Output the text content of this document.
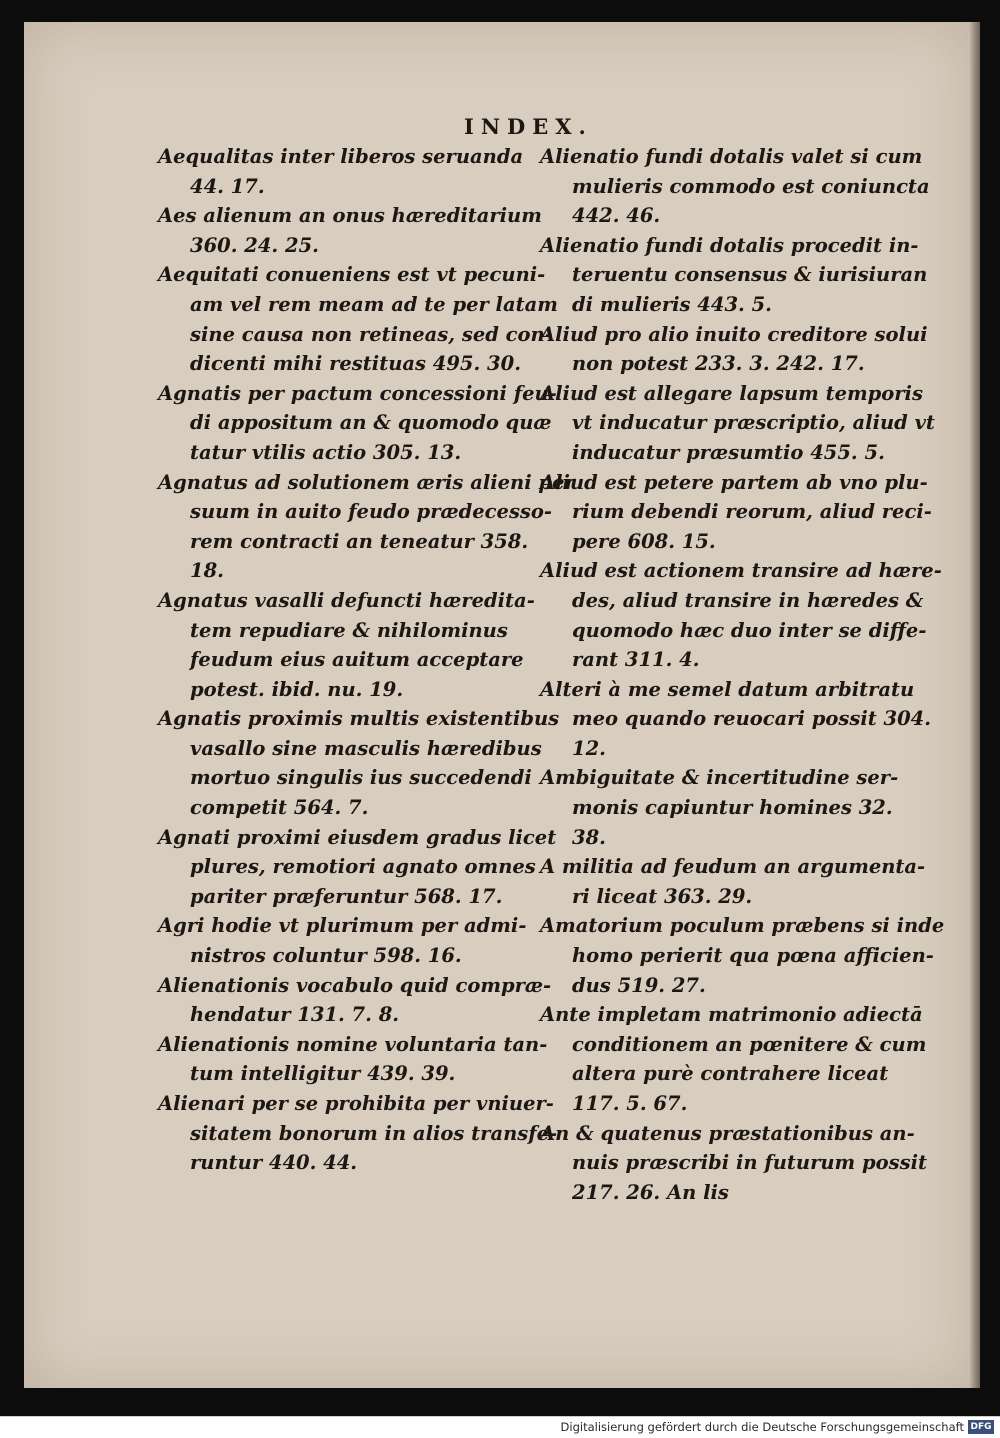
INDEX.
Aequalitas inter liberos seruanda
44. 17.
Aes alienum an onus hæreditarium
360. 24. 25.
Aequitati conueniens est vt pecuni-
am vel rem meam ad te per latam
sine causa non retineas, sed con-
dicenti mihi restituas 495. 30.
Agnatis per pactum concessioni feu-
di appositum an & quomodo quæ
tatur vtilis actio 305. 13.
Agnatus ad solutionem æris alieni per
suum in auito feudo prædecesso-
rem contracti an teneatur 358.
18.
Agnatus vasalli defuncti hæredita-
tem repudiare & nihilominus
feudum eius auitum acceptare
potest. ibid. nu. 19.
Agnatis proximis multis existentibus
vasallo sine masculis hæredibus
mortuo singulis ius succedendi
competit 564. 7.
Agnati proximi eiusdem gradus licet
plures, remotiori agnato omnes
pariter præferuntur 568. 17.
Agri hodie vt plurimum per admi-
nistros coluntur 598. 16.
Alienationis vocabulo quid compræ-
hendatur 131. 7. 8.
Alienationis nomine voluntaria tan-
tum intelligitur 439. 39.
Alienari per se prohibita per vniuer-
sitatem bonorum in alios transfe-
runtur 440. 44.
Alienatio fundi dotalis valet si cum
mulieris commodo est coniuncta
442. 46.
Alienatio fundi dotalis procedit in-
teruentu consensus & iurisiuran
di mulieris 443. 5.
Aliud pro alio inuito creditore solui
non potest 233. 3. 242. 17.
Aliud est allegare lapsum temporis
vt inducatur præscriptio, aliud vt
inducatur præsumtio 455. 5.
Aliud est petere partem ab vno plu-
rium debendi reorum, aliud reci-
pere 608. 15.
Aliud est actionem transire ad hære-
des, aliud transire in hæredes &
quomodo hæc duo inter se diffe-
rant 311. 4.
Alteri à me semel datum arbitratu
meo quando reuocari possit 304.
12.
Ambiguitate & incertitudine ser-
monis capiuntur homines 32.
38.
A militia ad feudum an argumenta-
ri liceat 363. 29.
Amatorium poculum præbens si inde
homo perierit qua pœna afficien-
dus 519. 27.
Ante impletam matrimonio adiectā
conditionem an pœnitere & cum
altera purè contrahere liceat
117. 5. 67.
An & quatenus præstationibus an-
nuis præscribi in futurum possit
217. 26. An lis
Digitalisierung gefördert durch die Deutsche Forschungsgemeinschaft DFG
